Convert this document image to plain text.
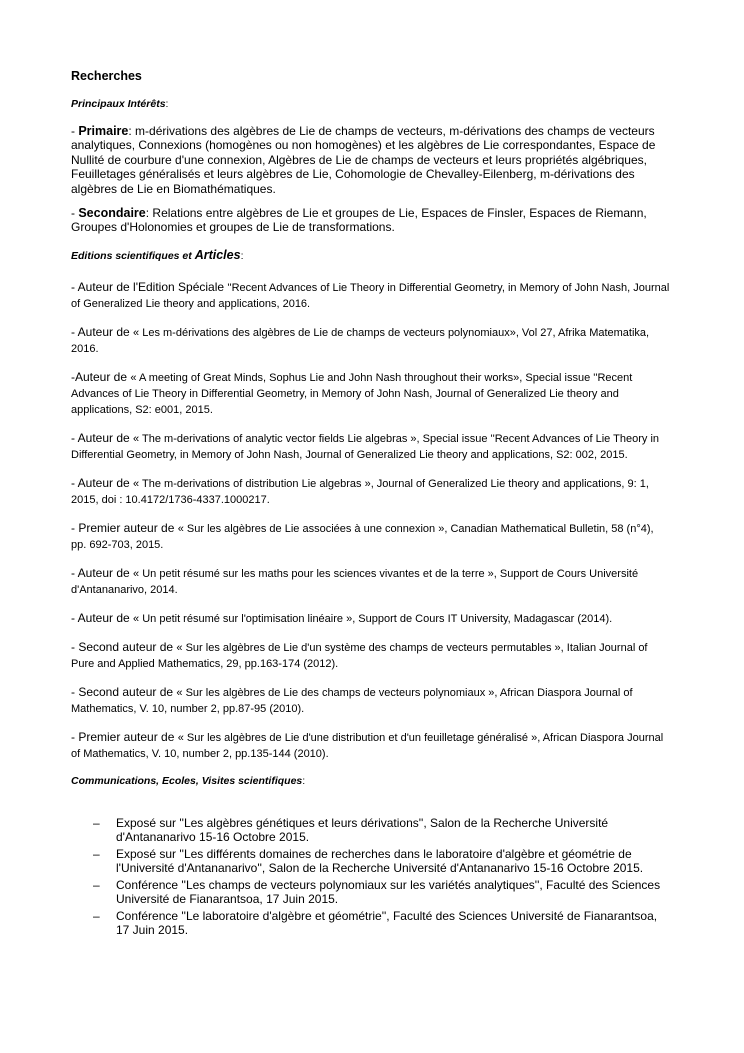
Recherches
Principaux Intérêts:
- Primaire: m-dérivations des algèbres de Lie de champs de vecteurs, m-dérivations des champs de vecteurs analytiques, Connexions (homogènes ou non homogènes) et les algèbres de Lie correspondantes, Espace de Nullité de courbure d'une connexion, Algèbres de Lie de champs de vecteurs et leurs propriétés algébriques, Feuilletages généralisés et leurs algèbres de Lie, Cohomologie de Chevalley-Eilenberg, m-dérivations des algèbres de Lie en Biomathématiques.
- Secondaire: Relations entre algèbres de Lie et groupes de Lie, Espaces de Finsler, Espaces de Riemann, Groupes d'Holonomies et groupes de Lie de transformations.
Editions scientifiques et Articles:
- Auteur de l'Edition Spéciale ''Recent Advances of Lie Theory in Differential Geometry, in Memory of John Nash, Journal of Generalized Lie theory and applications, 2016.
- Auteur de « Les m-dérivations des algèbres de Lie de champs de vecteurs polynomiaux», Vol 27, Afrika Matematika, 2016.
-Auteur de « A meeting of Great Minds, Sophus Lie and John Nash throughout their works», Special issue ''Recent Advances of Lie Theory in Differential Geometry, in Memory of John Nash, Journal of Generalized Lie theory and applications, S2: e001, 2015.
- Auteur de « The m-derivations of analytic vector fields Lie algebras », Special issue ''Recent Advances of Lie Theory in Differential Geometry, in Memory of John Nash, Journal of Generalized Lie theory and applications, S2: 002, 2015.
- Auteur de « The m-derivations of distribution Lie algebras », Journal of Generalized Lie theory and applications, 9: 1, 2015, doi : 10.4172/1736-4337.1000217.
- Premier auteur de « Sur les algèbres de Lie associées à une connexion », Canadian Mathematical Bulletin, 58 (n°4), pp. 692-703, 2015.
- Auteur de « Un petit résumé sur les maths pour les sciences vivantes et de la terre », Support de Cours Université d'Antananarivo, 2014.
- Auteur de « Un petit résumé sur l'optimisation linéaire », Support de Cours IT University, Madagascar (2014).
- Second auteur de « Sur les algèbres de Lie d'un système des champs de vecteurs permutables », Italian Journal of Pure and Applied Mathematics, 29, pp.163-174 (2012).
- Second auteur de « Sur les algèbres de Lie des champs de vecteurs polynomiaux », African Diaspora Journal of Mathematics, V. 10, number 2, pp.87-95 (2010).
- Premier auteur de « Sur les algèbres de Lie d'une distribution et d'un feuilletage généralisé », African Diaspora Journal of Mathematics, V. 10, number 2, pp.135-144 (2010).
Communications, Ecoles, Visites scientifiques:
– Exposé sur ''Les algèbres génétiques et leurs dérivations'', Salon de la Recherche Université d'Antananarivo 15-16 Octobre 2015.
– Exposé sur ''Les différents domaines de recherches dans le laboratoire d'algèbre et géométrie de l'Université d'Antananarivo'', Salon de la Recherche Université d'Antananarivo 15-16 Octobre 2015.
– Conférence ''Les champs de vecteurs polynomiaux sur les variétés analytiques'', Faculté des Sciences Université de Fianarantsoa, 17 Juin 2015.
– Conférence ''Le laboratoire d'algèbre et géométrie'', Faculté des Sciences Université de Fianarantsoa, 17 Juin 2015.
